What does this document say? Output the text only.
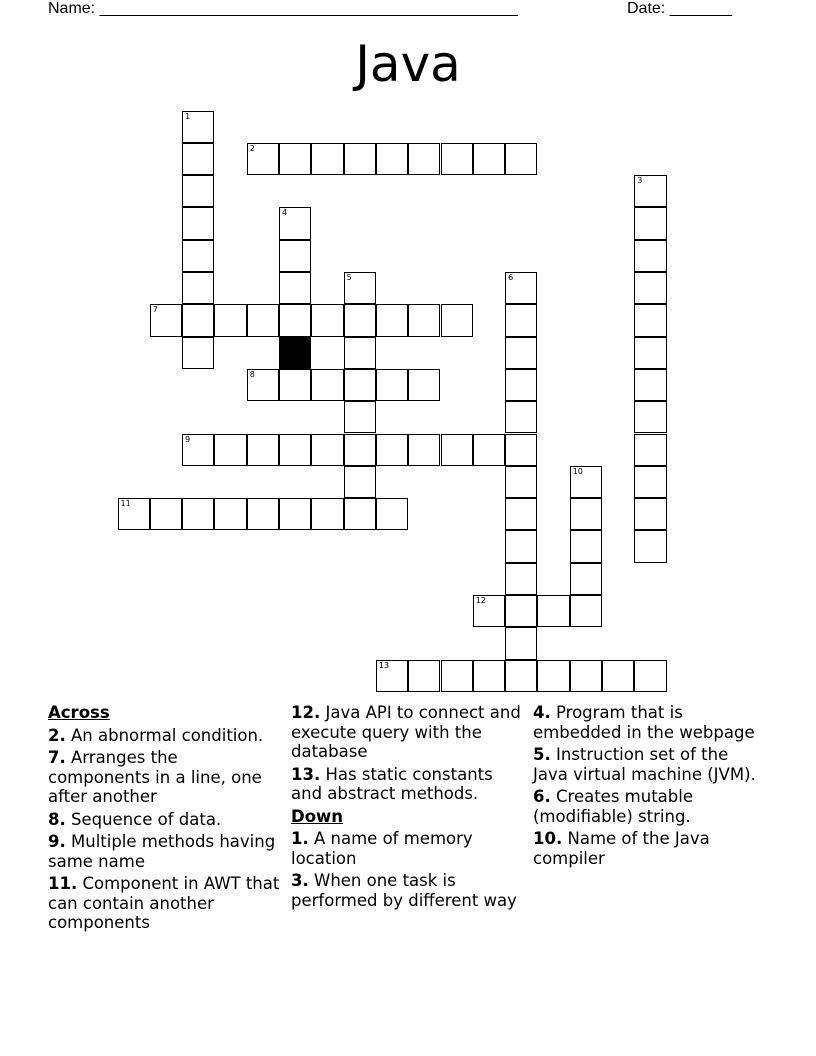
Name: _______________________________________________	Date: _______
Java
1
2
3
4
5	6
7
8
9
10
11
12
13
Across
2. An abnormal condition.
7. Arranges the components in a line, one after another
8. Sequence of data.
9. Multiple methods having same name
11. Component in AWT that can contain another components
12. Java API to connect and execute query with the database
13. Has static constants and abstract methods.
Down
1. A name of memory location
3. When one task is performed by different way
4. Program that is embedded in the webpage
5. Instruction set of the Java virtual machine (JVM).
6. Creates mutable (modifiable) string.
10. Name of the Java compiler
